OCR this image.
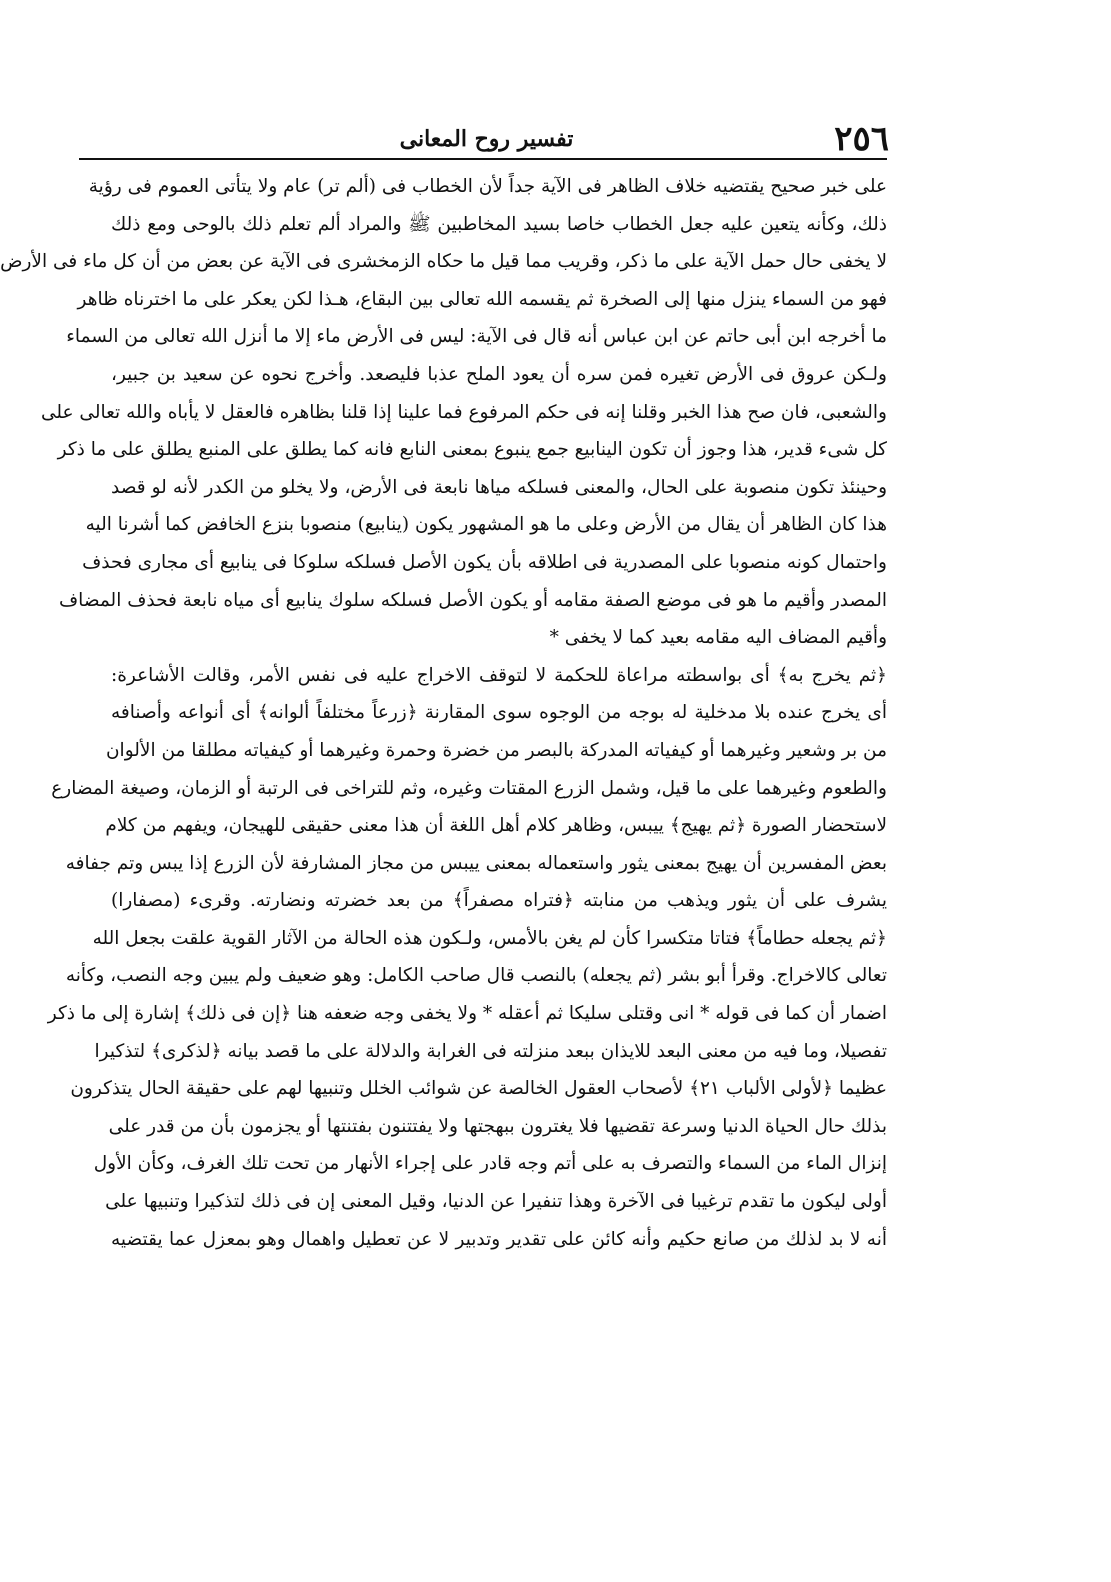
٢٥٦
تفسير روح المعانى
على خبر صحيح يقتضيه خلاف الظاهر فى الآية جداً لأن الخطاب فى (ألم تر) عام ولا يتأتى العموم فى رؤية
ذلك، وكأنه يتعين عليه جعل الخطاب خاصا بسيد المخاطبين ﷺ والمراد ألم تعلم ذلك بالوحى ومع ذلك
لا يخفى حال حمل الآية على ما ذكر، وقريب مما قيل ما حكاه الزمخشرى فى الآية عن بعض من أن كل ماء فى الأرض
فهو من السماء ينزل منها إلى الصخرة ثم يقسمه الله تعالى بين البقاع، هـذا لكن يعكر على ما اخترناه ظاهر
ما أخرجه ابن أبى حاتم عن ابن عباس أنه قال فى الآية: ليس فى الأرض ماء إلا ما أنزل الله تعالى من السماء
ولـكن عروق فى الأرض تغيره فمن سره أن يعود الملح عذبا فليصعد. وأخرج نحوه عن سعيد بن جبير،
والشعبى، فان صح هذا الخبر وقلنا إنه فى حكم المرفوع فما علينا إذا قلنا بظاهره فالعقل لا يأباه والله تعالى على
كل شىء قدير، هذا وجوز أن تكون الينابيع جمع ينبوع بمعنى النابع فانه كما يطلق على المنبع يطلق على ما ذكر
وحينئذ تكون منصوبة على الحال، والمعنى فسلكه مياها نابعة فى الأرض، ولا يخلو من الكدر لأنه لو قصد
هذا كان الظاهر أن يقال من الأرض وعلى ما هو المشهور يكون (ينابيع) منصوبا بنزع الخافض كما أشرنا اليه
واحتمال كونه منصوبا على المصدرية فى اطلاقه بأن يكون الأصل فسلكه سلوكا فى ينابيع أى مجارى فحذف
المصدر وأقيم ما هو فى موضع الصفة مقامه أو يكون الأصل فسلكه سلوك ينابيع أى مياه نابعة فحذف المضاف
وأقيم المضاف اليه مقامه بعيد كما لا يخفى *
﴿ثم يخرج به﴾ أى بواسطته مراعاة للحكمة لا لتوقف الاخراج عليه فى نفس الأمر، وقالت الأشاعرة:
أى يخرج عنده بلا مدخلية له بوجه من الوجوه سوى المقارنة ﴿زرعاً مختلفاً ألوانه﴾ أى أنواعه وأصنافه
من بر وشعير وغيرهما أو كيفياته المدركة بالبصر من خضرة وحمرة وغيرهما أو كيفياته مطلقا من الألوان
والطعوم وغيرهما على ما قيل، وشمل الزرع المقتات وغيره، وثم للتراخى فى الرتبة أو الزمان، وصيغة المضارع
لاستحضار الصورة ﴿ثم يهيج﴾ ييبس، وظاهر كلام أهل اللغة أن هذا معنى حقيقى للهيجان، ويفهم من كلام
بعض المفسرين أن يهيج بمعنى يثور واستعماله بمعنى ييبس من مجاز المشارفة لأن الزرع إذا يبس وتم جفافه
يشرف على أن يثور ويذهب من منابته ﴿فتراه مصفراً﴾ من بعد خضرته ونضارته. وقرىء (مصفارا)
﴿ثم يجعله حطاماً﴾ فتاتا متكسرا كأن لم يغن بالأمس، ولـكون هذه الحالة من الآثار القوية علقت بجعل الله
تعالى كالاخراج. وقرأ أبو بشر (ثم يجعله) بالنصب قال صاحب الكامل: وهو ضعيف ولم يبين وجه النصب، وكأنه
اضمار أن كما فى قوله * انى وقتلى سليكا ثم أعقله * ولا يخفى وجه ضعفه هنا ﴿إن فى ذلك﴾ إشارة إلى ما ذكر
تفصيلا، وما فيه من معنى البعد للايذان ببعد منزلته فى الغرابة والدلالة على ما قصد بيانه ﴿لذكرى﴾ لتذكيرا
عظيما ﴿لأولى الألباب ٢١﴾ لأصحاب العقول الخالصة عن شوائب الخلل وتنبيها لهم على حقيقة الحال يتذكرون
بذلك حال الحياة الدنيا وسرعة تقضيها فلا يغترون ببهجتها ولا يفتتنون بفتنتها أو يجزمون بأن من قدر على
إنزال الماء من السماء والتصرف به على أتم وجه قادر على إجراء الأنهار من تحت تلك الغرف، وكأن الأول
أولى ليكون ما تقدم ترغيبا فى الآخرة وهذا تنفيرا عن الدنيا، وقيل المعنى إن فى ذلك لتذكيرا وتنبيها على
أنه لا بد لذلك من صانع حكيم وأنه كائن على تقدير وتدبير لا عن تعطيل واهمال وهو بمعزل عما يقتضيه
